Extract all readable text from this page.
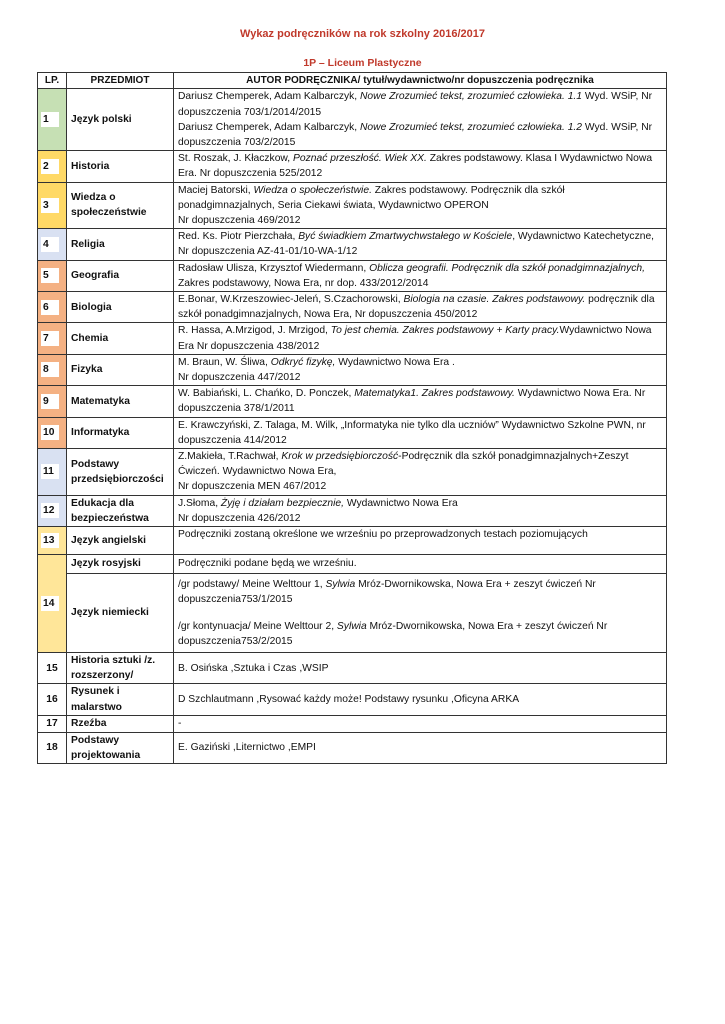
Wykaz podręczników na rok szkolny 2016/2017
1P – Liceum Plastyczne
LP.	PRZEDMIOT	AUTOR PODRĘCZNIKA/ tytuł/wydawnictwo/nr dopuszczenia podręcznika
1	Język polski	Dariusz Chemperek, Adam Kalbarczyk, Nowe Zrozumieć tekst, zrozumieć człowieka. 1.1 Wyd. WSiP, Nr dopuszczenia 703/1/2014/2015
Dariusz Chemperek, Adam Kalbarczyk, Nowe Zrozumieć tekst, zrozumieć człowieka. 1.2 Wyd. WSiP, Nr dopuszczenia 703/2/2015
2	Historia	St. Roszak, J. Kłaczkow, Poznać przeszłość. Wiek XX. Zakres podstawowy. Klasa I Wydawnictwo Nowa Era. Nr dopuszczenia 525/2012
3	Wiedza o społeczeństwie	Maciej Batorski, Wiedza o społeczeństwie. Zakres podstawowy. Podręcznik dla szkół ponadgimnazjalnych, Seria Ciekawi świata, Wydawnictwo OPERON
Nr dopuszczenia 469/2012
4	Religia	Red. Ks. Piotr Pierzchała, Być świadkiem Zmartwychwstałego w Kościele, Wydawnictwo Katechetyczne, Nr dopuszczenia AZ-41-01/10-WA-1/12
5	Geografia	Radosław Uliszа, Krzysztof Wiedermann, Oblicza geografii. Podręcznik dla szkół ponadgimnazjalnych, Zakres podstawowy, Nowa Era, nr dop. 433/2012/2014
6	Biologia	E.Bonar, W.Krzeszowiec-Jeleń, S.Czachorowski, Biologia na czasie. Zakres podstawowy. podręcznik dla szkół ponadgimnazjalnych, Nowa Era, Nr dopuszczenia 450/2012
7	Chemia	R. Hassa, A.Mrzigod, J. Mrzigod, To jest chemia. Zakres podstawowy + Karty pracy.Wydawnictwo Nowa Era Nr dopuszczenia 438/2012
8	Fizyka	M. Braun, W. Śliwa, Odkryć fizykę, Wydawnictwo Nowa Era .
Nr dopuszczenia 447/2012
9	Matematyka	W. Babiański, L. Chańko, D. Ponczek, Matematyka1. Zakres podstawowy. Wydawnictwo Nowa Era. Nr dopuszczenia 378/1/2011
10	Informatyka	E. Krawczyński, Z. Talaga, M. Wilk, „Informatyka nie tylko dla uczniów” Wydawnictwo Szkolne PWN, nr dopuszczenia 414/2012
11	Podstawy przedsiębiorczości	Z.Makieła, T.Rachwał, Krok w przedsiębiorczość-Podręcznik dla szkół ponadgimnazjalnych+Zeszyt Ćwiczeń. Wydawnictwo Nowa Era,
Nr dopuszczenia MEN 467/2012
12	Edukacja dla bezpieczeństwa	J.Słoma, Żyję i działam bezpiecznie, Wydawnictwo Nowa Era
Nr dopuszczenia 426/2012
13	Język angielski	Podręczniki zostaną określone we wrześniu po przeprowadzonych testach poziomujących
14	Język rosyjski	Podręczniki podane będą we wrześniu.
	Język niemiecki	/gr podstawy/ Meine Welttour 1, Sylwia Mróz-Dwornikowska, Nowa Era + zeszyt ćwiczeń Nr dopuszczenia753/1/2015
/gr kontynuacja/ Meine Welttour 2, Sylwia Mróz-Dwornikowska, Nowa Era + zeszyt ćwiczeń Nr dopuszczenia753/2/2015
15	Historia sztuki /z. rozszerzony/	B. Osińska ,Sztuka i Czas ,WSIP
16	Rysunek i malarstwo	D Szchlautmann ,Rysować każdy może! Podstawy rysunku ,Oficyna ARKA
17	Rzeźba	-
18	Podstawy projektowania	E. Gaziński ,Liternictwo ,EMPI
